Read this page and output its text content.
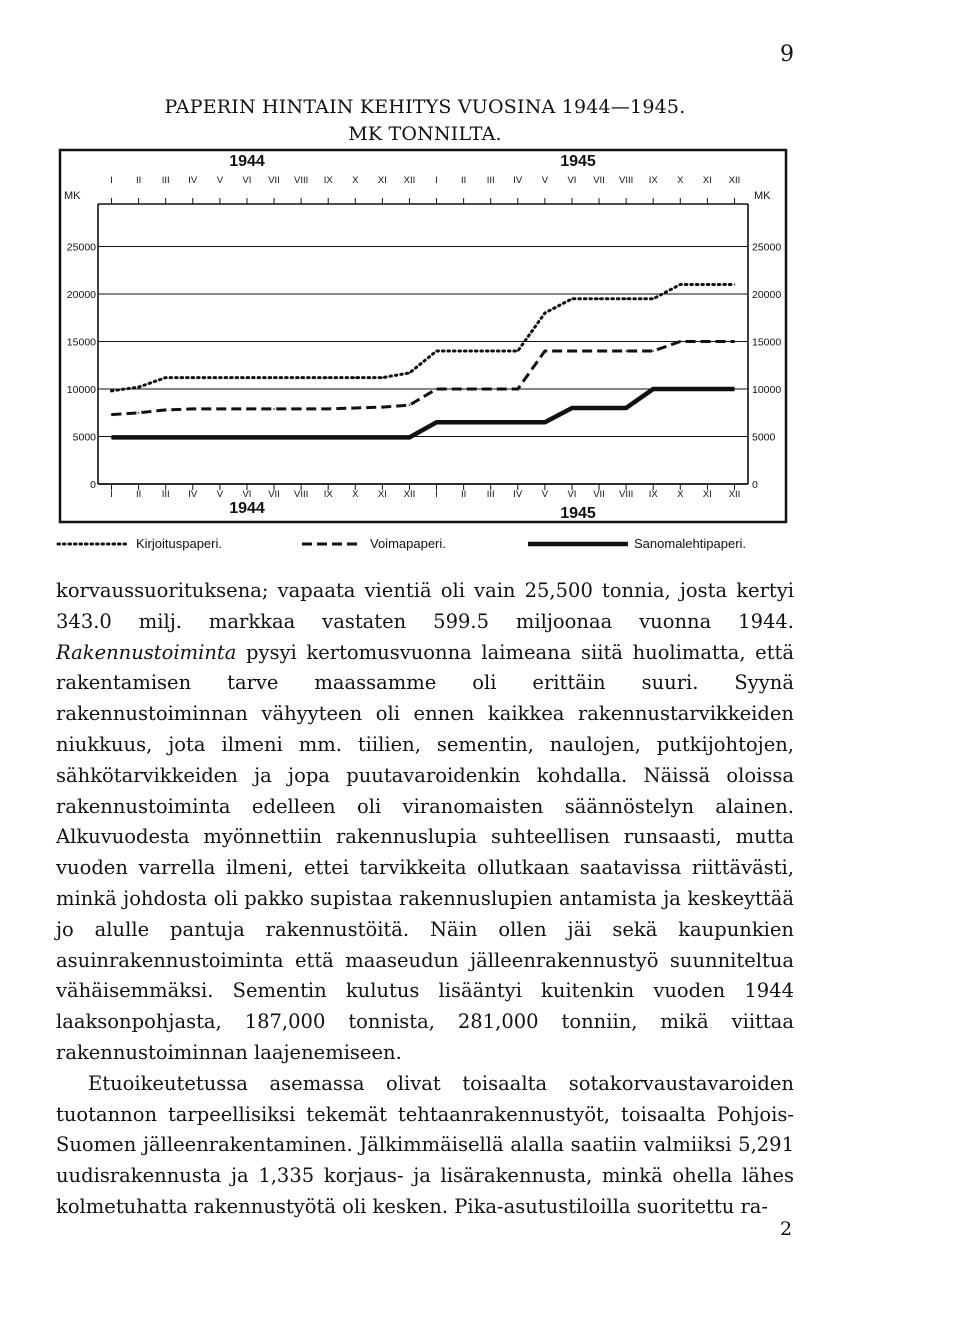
9
PAPERIN HINTAIN KEHITYS VUOSINA 1944—1945.
MK TONNILTA.
0	0
5000	5000
10000	10000
15000	15000
20000	20000
25000	25000
MK	MK
I
I
II
II
III
III
IV
IV
V
V
VI
VI
VII
VII
VIII
VIII
IX
IX
X
X
XI
XI
XII
XII
I
I
II
II
III
III
IV
IV
V
V
VI
VI
VII
VII
VIII
VIII
IX
IX
X
X
XI
XI
XII
XII
1944	1945
1944	1945
Kirjoituspaperi.	Voimapaperi.	Sanomalehtipaperi.

korvaussuorituksena; vapaata vientiä oli vain 25,500 tonnia, josta kertyi 343.0 milj. markkaa vastaten 599.5 miljoonaa vuonna 1944. Rakennustoiminta pysyi kertomusvuonna laimeana siitä huolimatta, että rakentamisen tarve maassamme oli erittäin suuri. Syynä rakennustoiminnan vähyyteen oli ennen kaikkea rakennustarvikkeiden niukkuus, jota ilmeni mm. tiilien, sementin, naulojen, putkijohtojen, sähkötarvikkeiden ja jopa puutavaroidenkin kohdalla. Näissä oloissa rakennustoiminta edelleen oli viranomaisten säännöstelyn alainen. Alkuvuodesta myönnettiin rakennuslupia suhteellisen runsaasti, mutta vuoden varrella ilmeni, ettei tarvikkeita ollutkaan saatavissa riittävästi, minkä johdosta oli pakko supistaa rakennuslupien antamista ja keskeyttää jo alulle pantuja rakennustöitä. Näin ollen jäi sekä kaupunkien asuinrakennustoiminta että maaseudun jälleenrakennustyö suunniteltua vähäisemmäksi. Sementin kulutus lisääntyi kuitenkin vuoden 1944 laaksonpohjasta, 187,000 tonnista, 281,000 tonniin, mikä viittaa rakennustoiminnan laajenemiseen.

Etuoikeutetussa asemassa olivat toisaalta sotakorvaustavaroiden tuotannon tarpeellisiksi tekemät tehtaanrakennustyöt, toisaalta Pohjois-Suomen jälleenrakentaminen. Jälkimmäisellä alalla saatiin valmiiksi 5,291 uudisrakennusta ja 1,335 korjaus- ja lisärakennusta, minkä ohella lähes kolmetuhatta rakennustyötä oli kesken. Pika-asutustiloilla suoritettu ra-

2
